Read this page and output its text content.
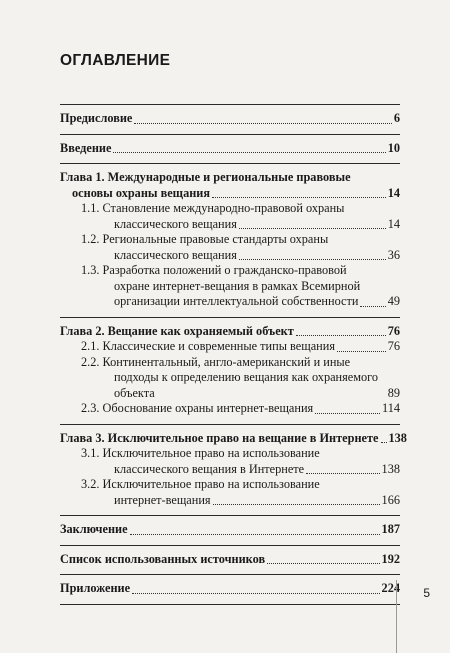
ОГЛАВЛЕНИЕ
Предисловие	6
Введение	10
Глава 1. Международные и региональные правовые
основы охраны вещания	14
1.1. Становление международно-правовой охраны
классического вещания	14
1.2. Региональные правовые стандарты охраны
классического вещания	36
1.3. Разработка положений о гражданско-правовой
охране интернет-вещания в рамках Всемирной
организации интеллектуальной собственности 49
Глава 2. Вещание как охраняемый объект	76
2.1. Классические и современные типы вещания	76
2.2. Континентальный, англо-американский и иные
подходы к определению вещания как охраняемого
объекта	89
2.3. Обоснование охраны интернет-вещания	114
Глава 3. Исключительное право на вещание в Интернете 138
3.1. Исключительное право на использование
классического вещания в Интернете	138
3.2. Исключительное право на использование
интернет-вещания	166
Заключение	187
Список использованных источников	192
Приложение	224 5
